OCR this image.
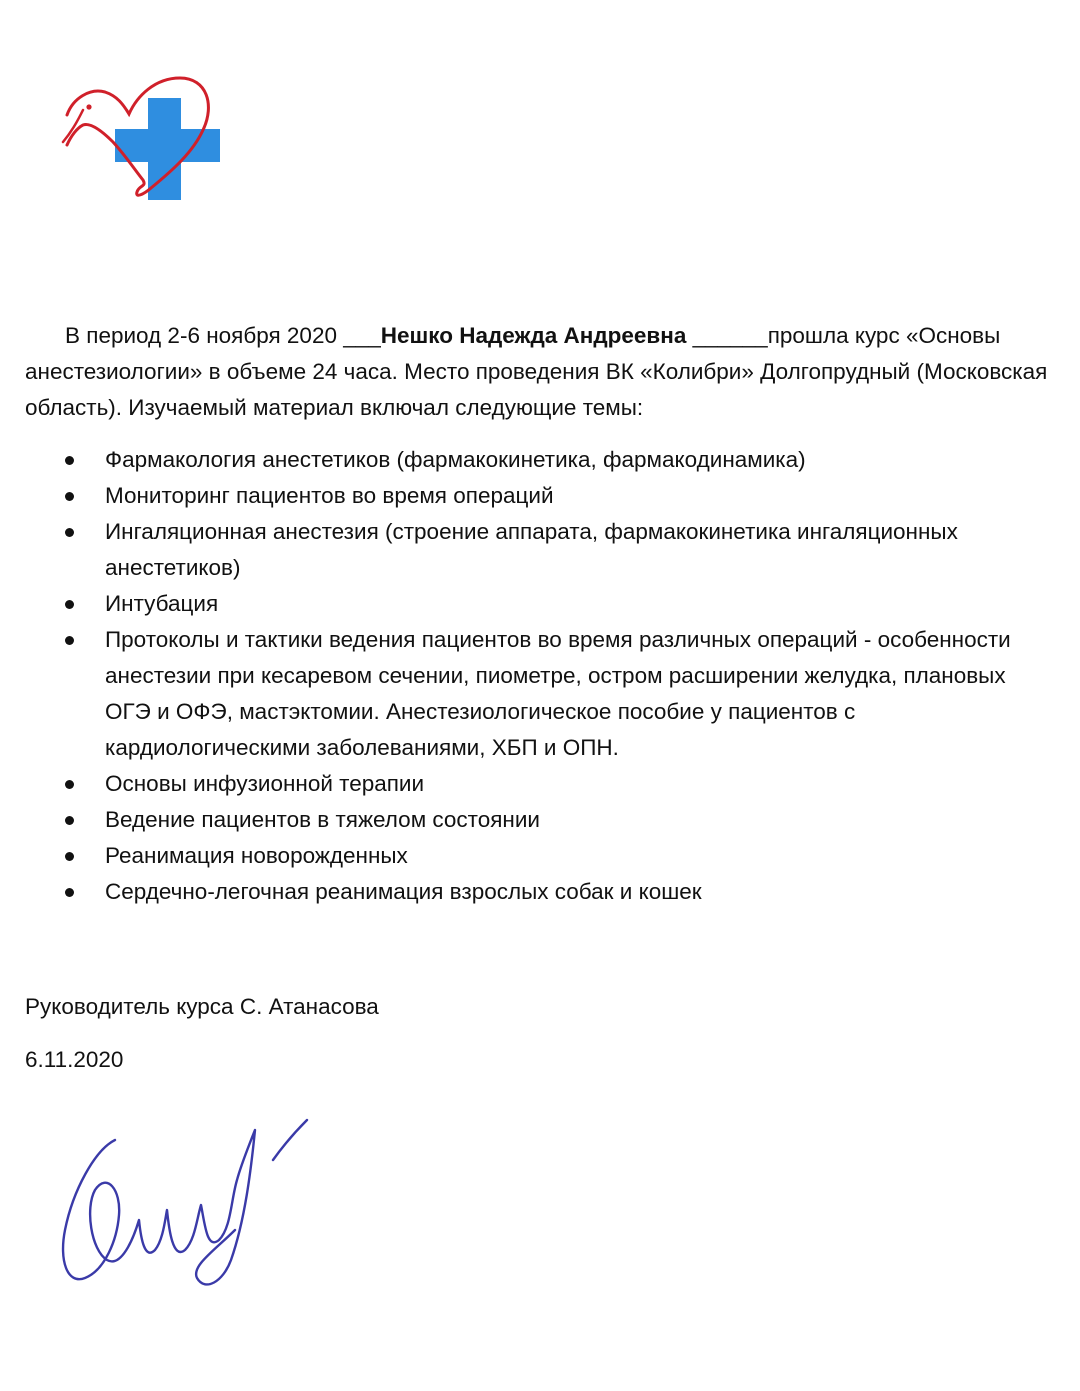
В период 2-6 ноября 2020 ___Нешко Надежда Андреевна ______прошла курс «Основы анестезиологии» в объеме 24 часа. Место проведения ВК «Колибри» Долгопрудный (Московская область). Изучаемый материал включал следующие темы:

Фармакология анестетиков (фармакокинетика, фармакодинамика)
Мониторинг пациентов во время операций
Ингаляционная анестезия (строение аппарата, фармакокинетика ингаляционных анестетиков)
Интубация
Протоколы и тактики ведения пациентов во время различных операций - особенности анестезии при кесаревом сечении, пиометре, остром расширении желудка, плановых ОГЭ и ОФЭ, мастэктомии. Анестезиологическое пособие у пациентов с кардиологическими заболеваниями, ХБП и ОПН.
Основы инфузионной терапии
Ведение пациентов в тяжелом состоянии
Реанимация новорожденных
Сердечно-легочная реанимация взрослых собак и кошек
Руководитель курса С. Атанасова
6.11.2020
